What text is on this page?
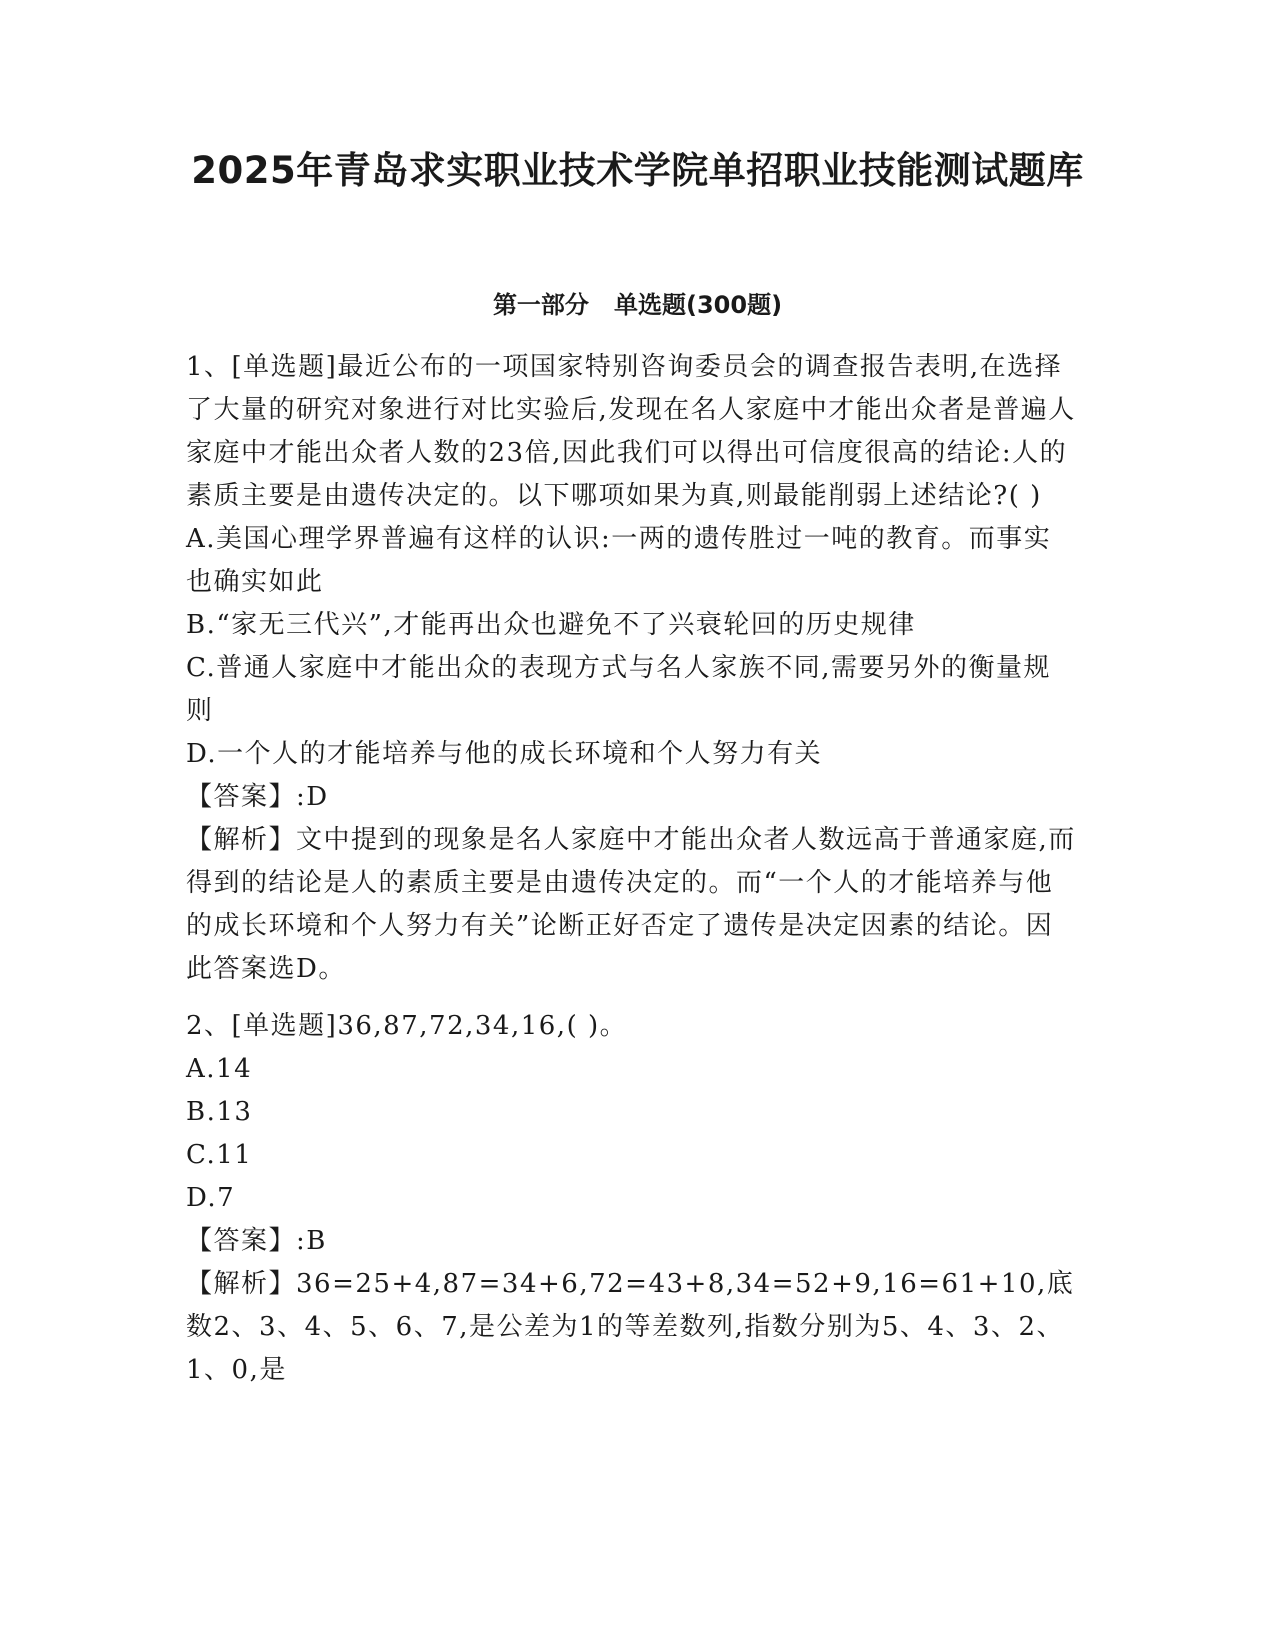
2025年青岛求实职业技术学院单招职业技能测试题库
第一部分   单选题(300题)

1、[单选题]最近公布的一项国家特别咨询委员会的调查报告表明,在选择了大量的研究对象进行对比实验后,发现在名人家庭中才能出众者是普遍人家庭中才能出众者人数的23倍,因此我们可以得出可信度很高的结论:人的素质主要是由遗传决定的。以下哪项如果为真,则最能削弱上述结论?( )

A.美国心理学界普遍有这样的认识:一两的遗传胜过一吨的教育。而事实也确实如此

B.“家无三代兴”,才能再出众也避免不了兴衰轮回的历史规律

C.普通人家庭中才能出众的表现方式与名人家族不同,需要另外的衡量规则

D.一个人的才能培养与他的成长环境和个人努力有关

【答案】:D

【解析】文中提到的现象是名人家庭中才能出众者人数远高于普通家庭,而得到的结论是人的素质主要是由遗传决定的。而“一个人的才能培养与他的成长环境和个人努力有关”论断正好否定了遗传是决定因素的结论。因此答案选D。

2、[单选题]36,87,72,34,16,( )。

A.14

B.13

C.11

D.7

【答案】:B

【解析】36=25+4,87=34+6,72=43+8,34=52+9,16=61+10,底数2、3、4、5、6、7,是公差为1的等差数列,指数分别为5、4、3、2、1、0,是
